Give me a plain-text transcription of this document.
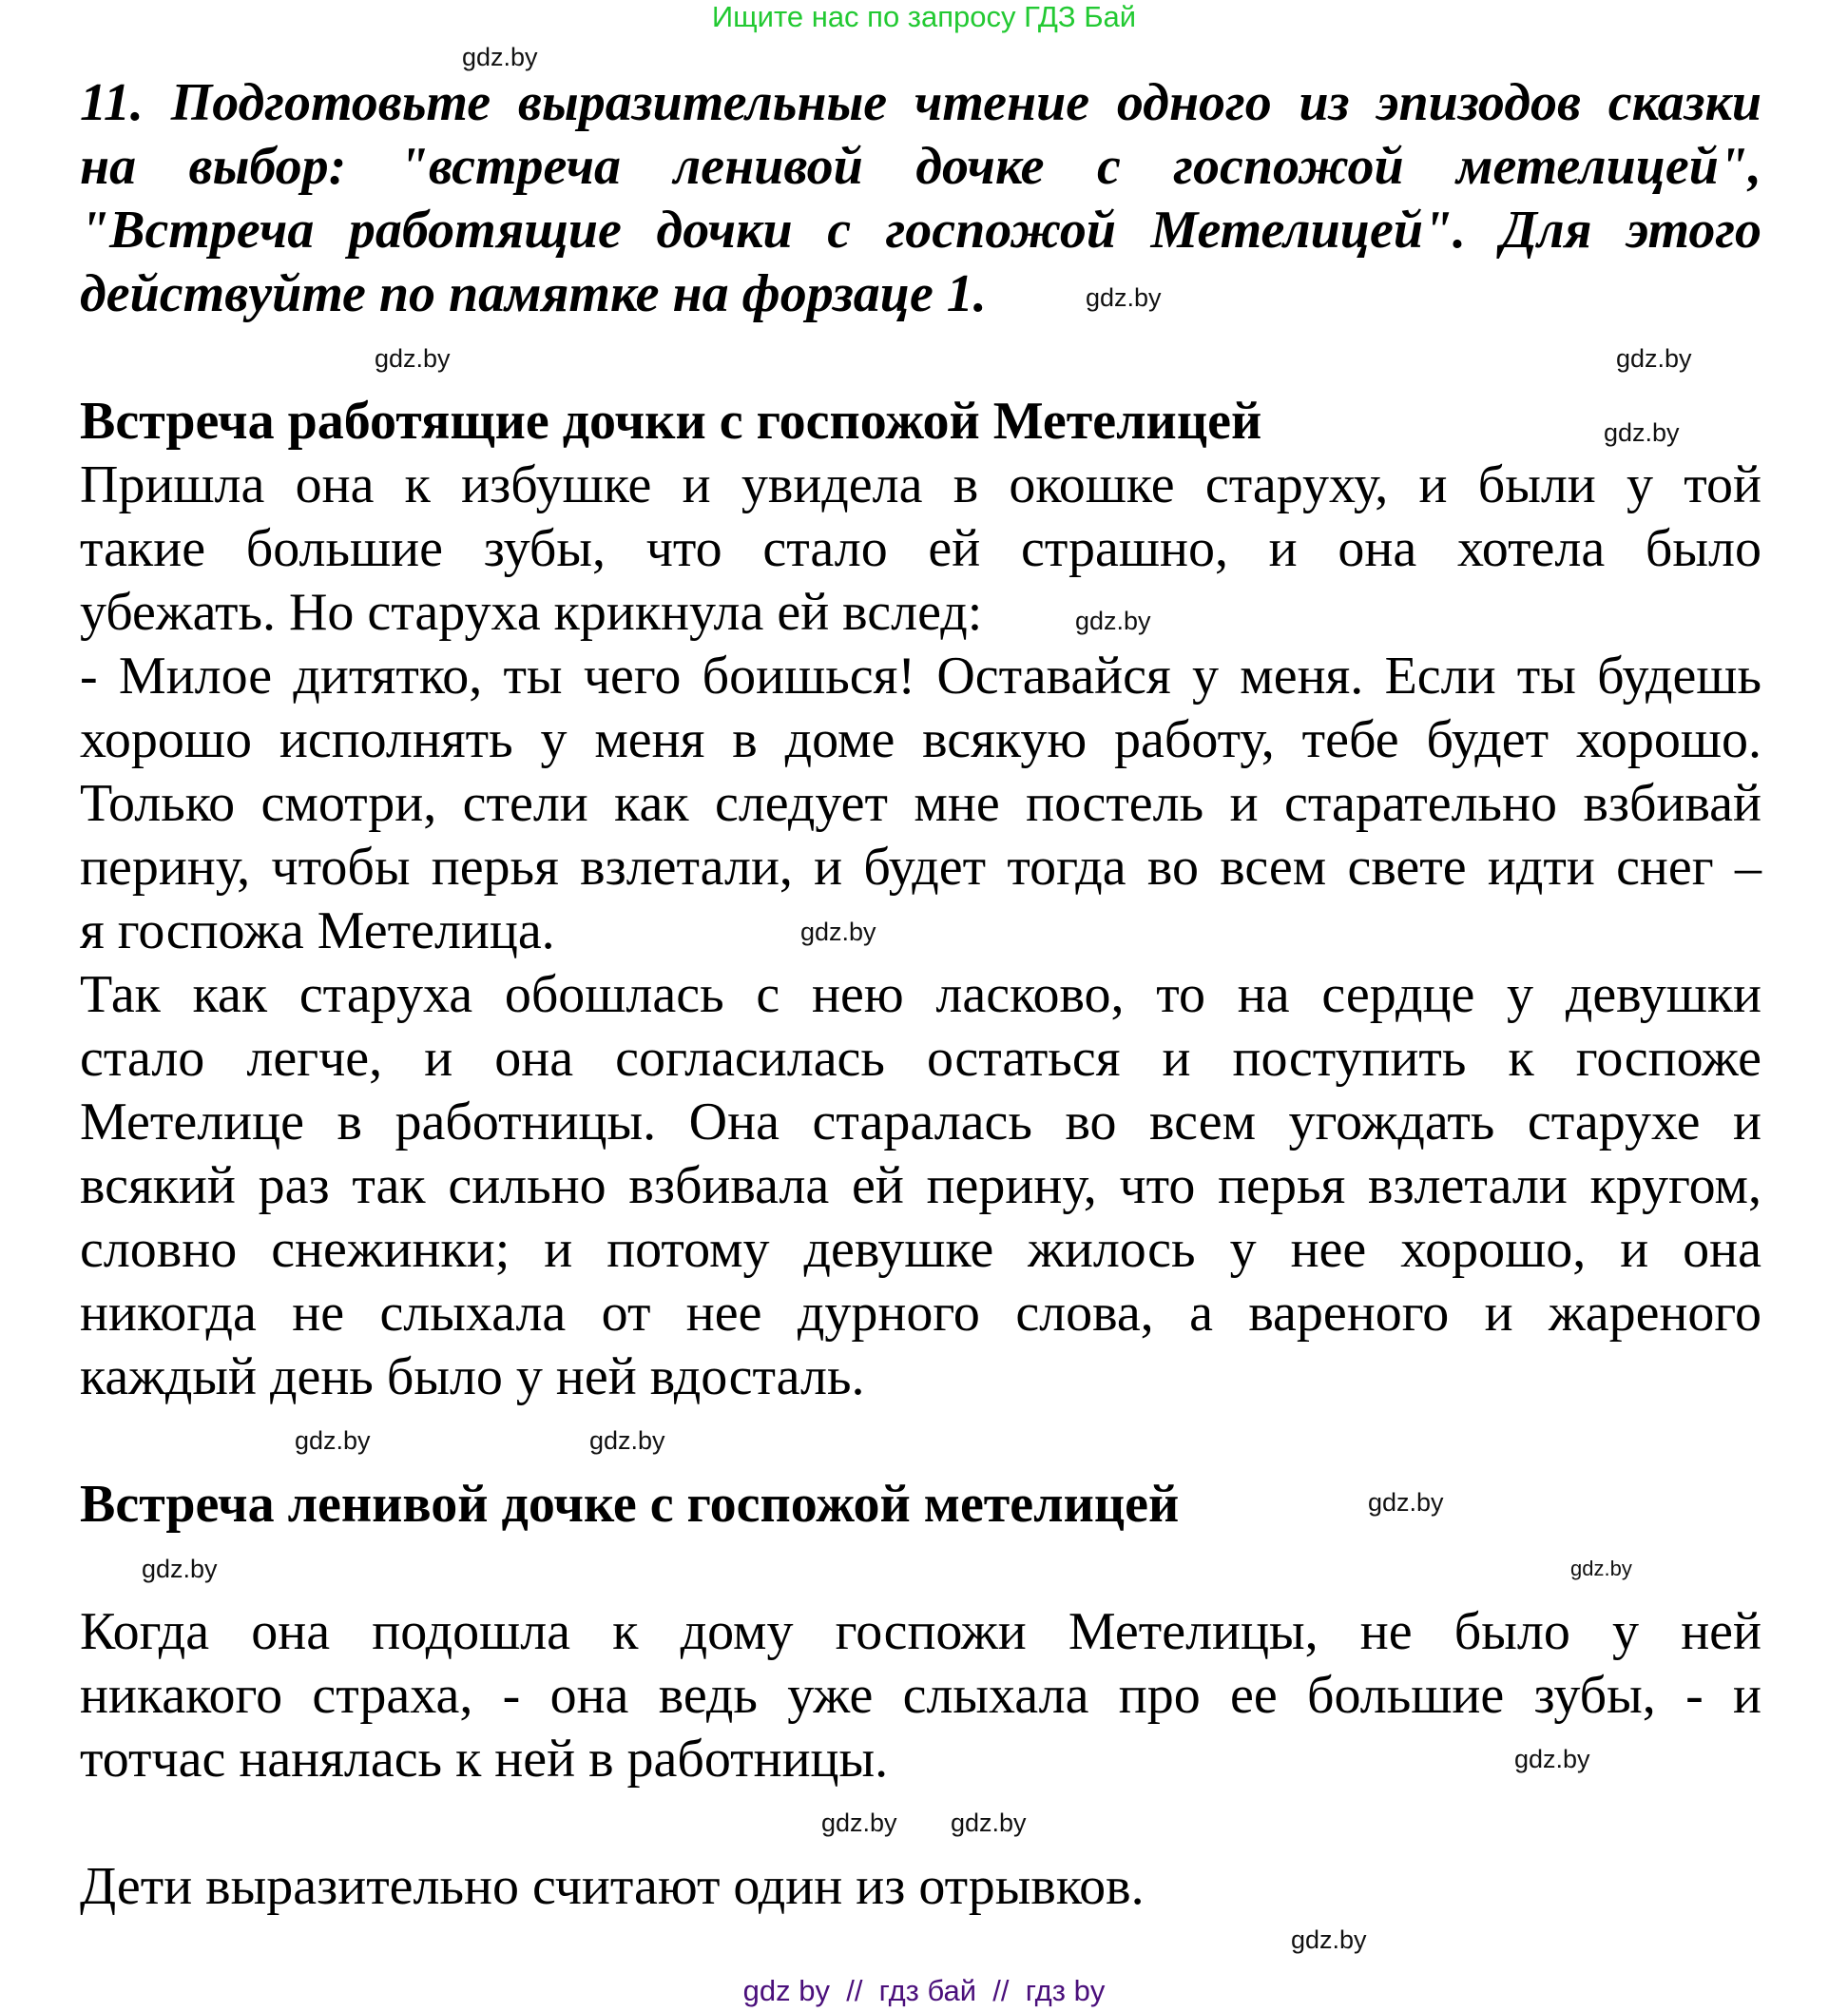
Ищите нас по запросу ГДЗ Бай
11. Подготовьте выразительные чтение одного из эпизодов сказки
на выбор: "встреча ленивой дочке с госпожой метелицей",
"Встреча работящие дочки с госпожой Метелицей". Для этого
действуйте по памятке на форзаце 1.
Встреча работящие дочки с госпожой Метелицей
Пришла она к избушке и увидела в окошке старуху, и были у той
такие большие зубы, что стало ей страшно, и она хотела было
убежать. Но старуха крикнула ей вслед:
- Милое дитятко, ты чего боишься! Оставайся у меня. Если ты будешь
хорошо исполнять у меня в доме всякую работу, тебе будет хорошо.
Только смотри, стели как следует мне постель и старательно взбивай
перину, чтобы перья взлетали, и будет тогда во всем свете идти снег –
я госпожа Метелица.
Так как старуха обошлась с нею ласково, то на сердце у девушки
стало легче, и она согласилась остаться и поступить к госпоже
Метелице в работницы. Она старалась во всем угождать старухе и
всякий раз так сильно взбивала ей перину, что перья взлетали кругом,
словно снежинки; и потому девушке жилось у нее хорошо, и она
никогда не слыхала от нее дурного слова, а вареного и жареного
каждый день было у ней вдосталь.
Встреча ленивой дочке с госпожой метелицей
Когда она подошла к дому госпожи Метелицы, не было у ней
никакого страха, - она ведь уже слыхала про ее большие зубы, - и
тотчас нанялась к ней в работницы.
Дети выразительно считают один из отрывков.
gdz.by
gdz.by
gdz.by
gdz.by
gdz.by
gdz.by
gdz.by
gdz.by
gdz.by
gdz.by
gdz.by
gdz.by
gdz.by
gdz.by
gdz.by
gdz.by
gdz by  //  гдз бай  //  гдз by
